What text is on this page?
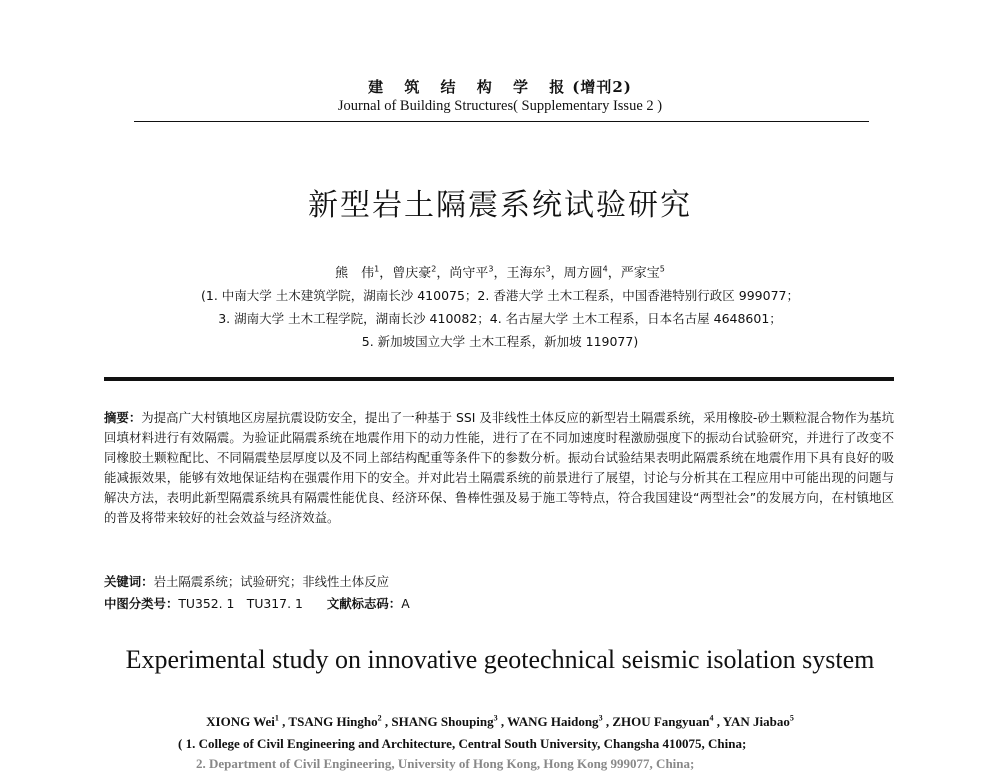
建 筑 结 构 学 报(增刊2)
Journal of Building Structures( Supplementary Issue 2 )
新型岩土隔震系统试验研究
熊　伟$^1$，曾庆豪$^2$，尚守平$^3$，王海东$^3$，周方圆$^4$，严家宝$^5$
(1. 中南大学 土木建筑学院，湖南长沙 410075；2. 香港大学 土木工程系，中国香港特别行政区 999077；
3. 湖南大学 土木工程学院，湖南长沙 410082；4. 名古屋大学 土木工程系，日本名古屋 4648601；
5. 新加坡国立大学 土木工程系，新加坡 119077)
摘要：为提高广大村镇地区房屋抗震设防安全，提出了一种基于 SSI 及非线性土体反应的新型岩土隔震系统，采用橡胶-砂土颗粒混合物作为基坑回填材料进行有效隔震。为验证此隔震系统在地震作用下的动力性能，进行了在不同加速度时程激励强度下的振动台试验研究，并进行了改变不同橡胶土颗粒配比、不同隔震垫层厚度以及不同上部结构配重等条件下的参数分析。振动台试验结果表明此隔震系统在地震作用下具有良好的吸能减振效果，能够有效地保证结构在强震作用下的安全。并对此岩土隔震系统的前景进行了展望，讨论与分析其在工程应用中可能出现的问题与解决方法，表明此新型隔震系统具有隔震性能优良、经济环保、鲁棒性强及易于施工等特点，符合我国建设“两型社会”的发展方向，在村镇地区的普及将带来较好的社会效益与经济效益。
关键词：岩土隔震系统；试验研究；非线性土体反应
中图分类号：TU352. 1　TU317. 1 文献标志码：A
Experimental study on innovative geotechnical seismic isolation system
XIONG Wei$^1$ , TSANG Hingho$^2$ , SHANG Shouping$^3$ , WANG Haidong$^3$ , ZHOU Fangyuan$^4$ , YAN Jiabao$^5$
( 1. College of Civil Engineering and Architecture, Central South University, Changsha 410075, China;
2. Department of Civil Engineering, University of Hong Kong, Hong Kong 999077, China;
